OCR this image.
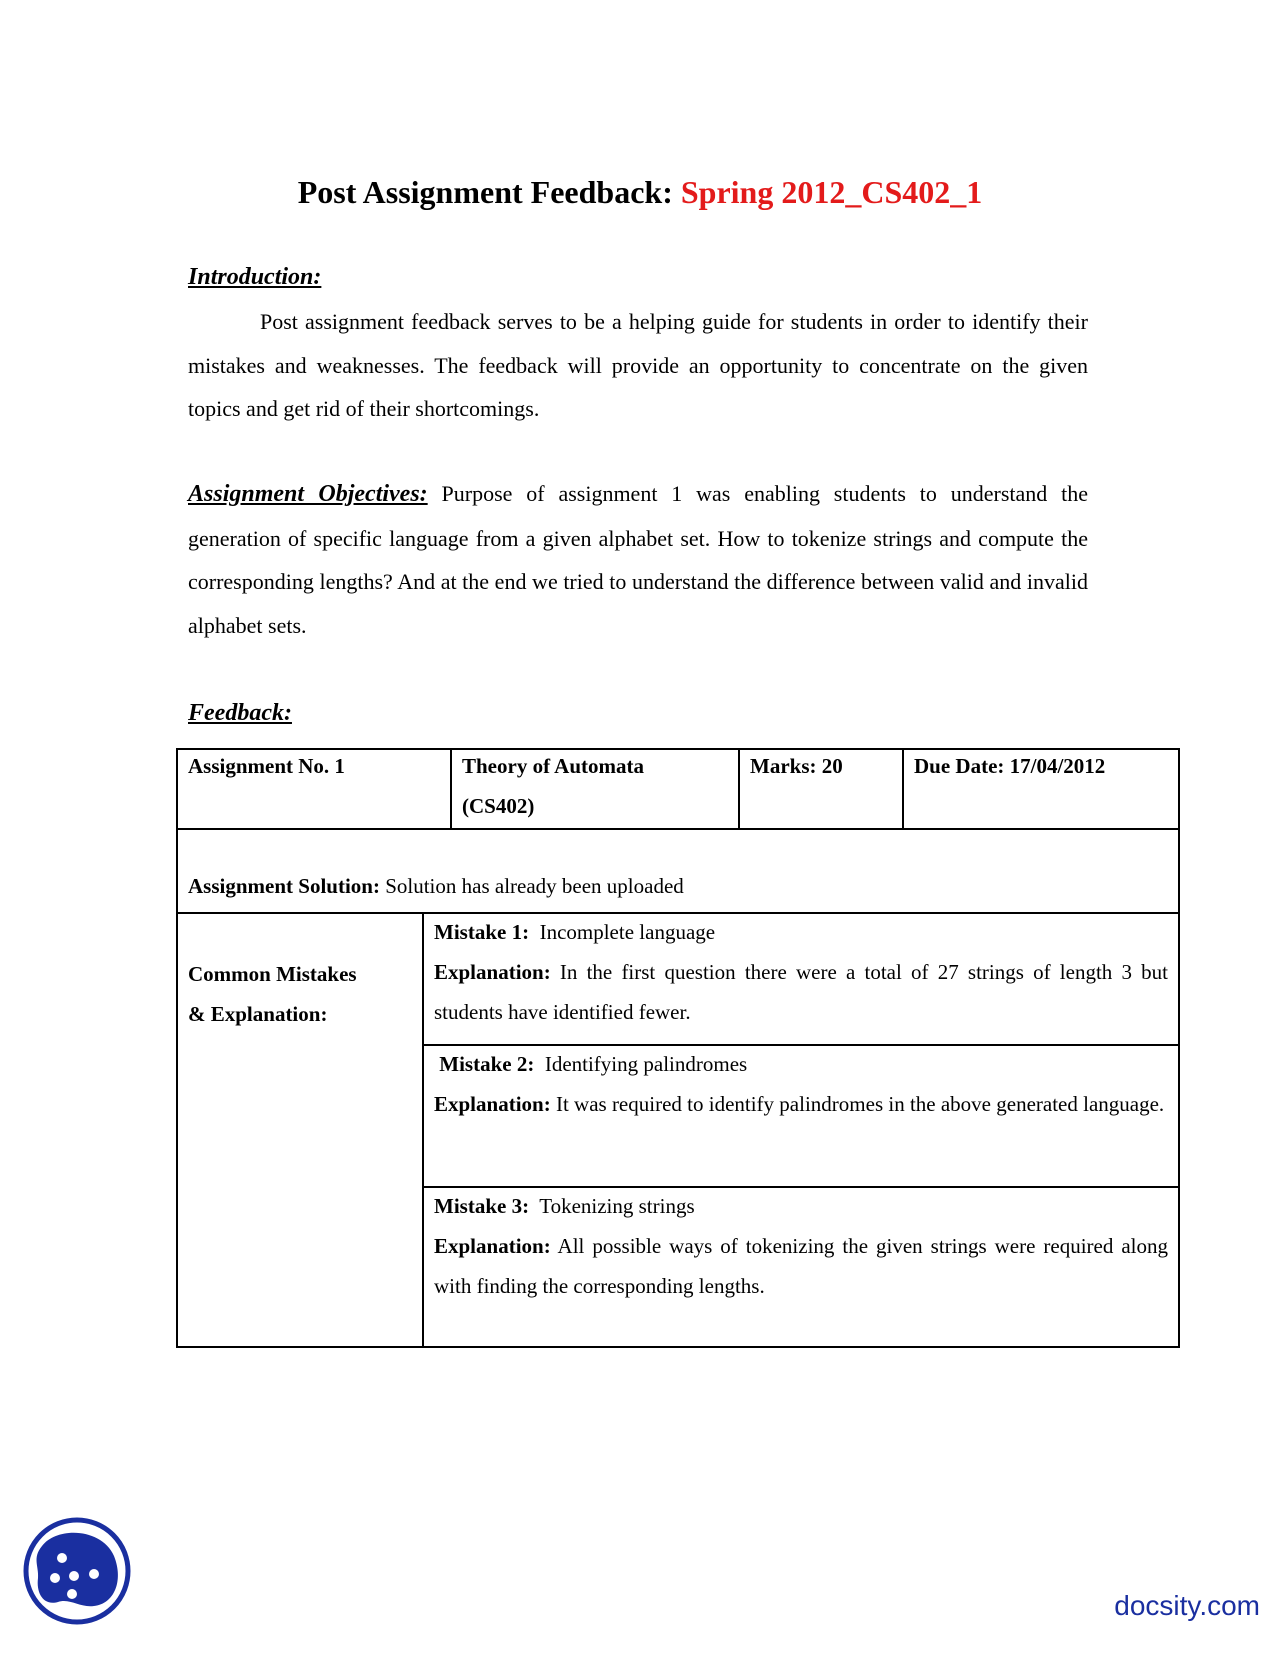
Post Assignment Feedback: Spring 2012_CS402_1
Introduction:

Post assignment feedback serves to be a helping guide for students in order to identify their mistakes and weaknesses. The feedback will provide an opportunity to concentrate on the given topics and get rid of their shortcomings.

Assignment Objectives: Purpose of assignment 1 was enabling students to understand the generation of specific language from a given alphabet set. How to tokenize strings and compute the corresponding lengths? And at the end we tried to understand the difference between valid and invalid alphabet sets.

Feedback:
Assignment No. 1	Theory of Automata
(CS402)
Marks: 20	Due Date: 17/04/2012
Assignment Solution: Solution has already been uploaded
Common Mistakes
& Explanation:
Mistake 1: Incomplete language
Explanation: In the first question there were a total of 27 strings of length 3 but students have identified fewer.
Mistake 2: Identifying palindromes
Explanation: It was required to identify palindromes in the above generated language.
Mistake 3: Tokenizing strings
Explanation: All possible ways of tokenizing the given strings were required along with finding the corresponding lengths.

docsity.com
